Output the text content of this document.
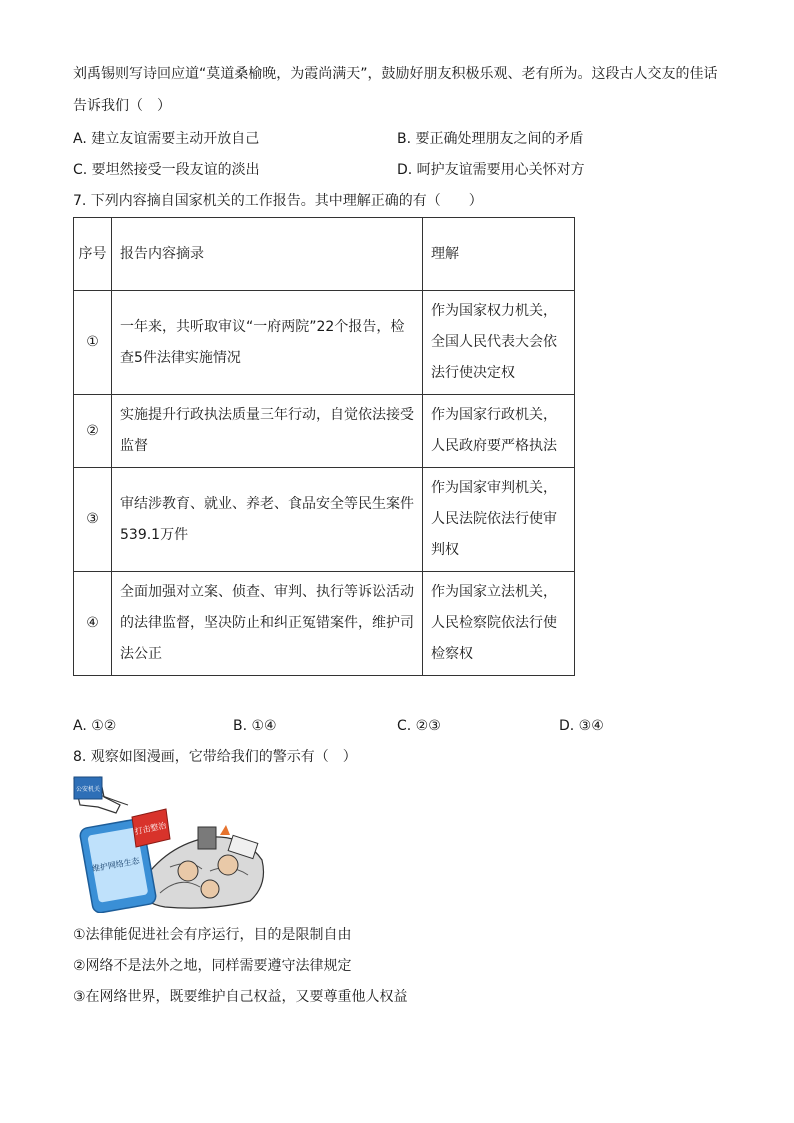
刘禹锡则写诗回应道“莫道桑榆晚，为霞尚满天”，鼓励好朋友积极乐观、老有所为。这段古人交友的佳话
告诉我们（　）
A. 建立友谊需要主动开放自己	B. 要正确处理朋友之间的矛盾
C. 要坦然接受一段友谊的淡出	D. 呵护友谊需要用心关怀对方
7. 下列内容摘自国家机关的工作报告。其中理解正确的有（　　）
序号	报告内容摘录	理解

①	一年来，共听取审议“一府两院”22个报告，检查5件法律实施情况	作为国家权力机关，全国人民代表大会依法行使决定权

②	实施提升行政执法质量三年行动，自觉依法接受监督	作为国家行政机关，人民政府要严格执法

③	审结涉教育、就业、养老、食品安全等民生案件539.1万件	作为国家审判机关，人民法院依法行使审判权

④	全面加强对立案、侦查、审判、执行等诉讼活动的法律监督，坚决防止和纠正冤错案件，维护司法公正	作为国家立法机关，人民检察院依法行使检察权
A. ①②	B. ①④	C. ②③	D. ③④
8. 观察如图漫画，它带给我们的警示有（　）
维护网络生态
打击整治
公安机关
①法律能促进社会有序运行，目的是限制自由
②网络不是法外之地，同样需要遵守法律规定
③在网络世界，既要维护自己权益，又要尊重他人权益
